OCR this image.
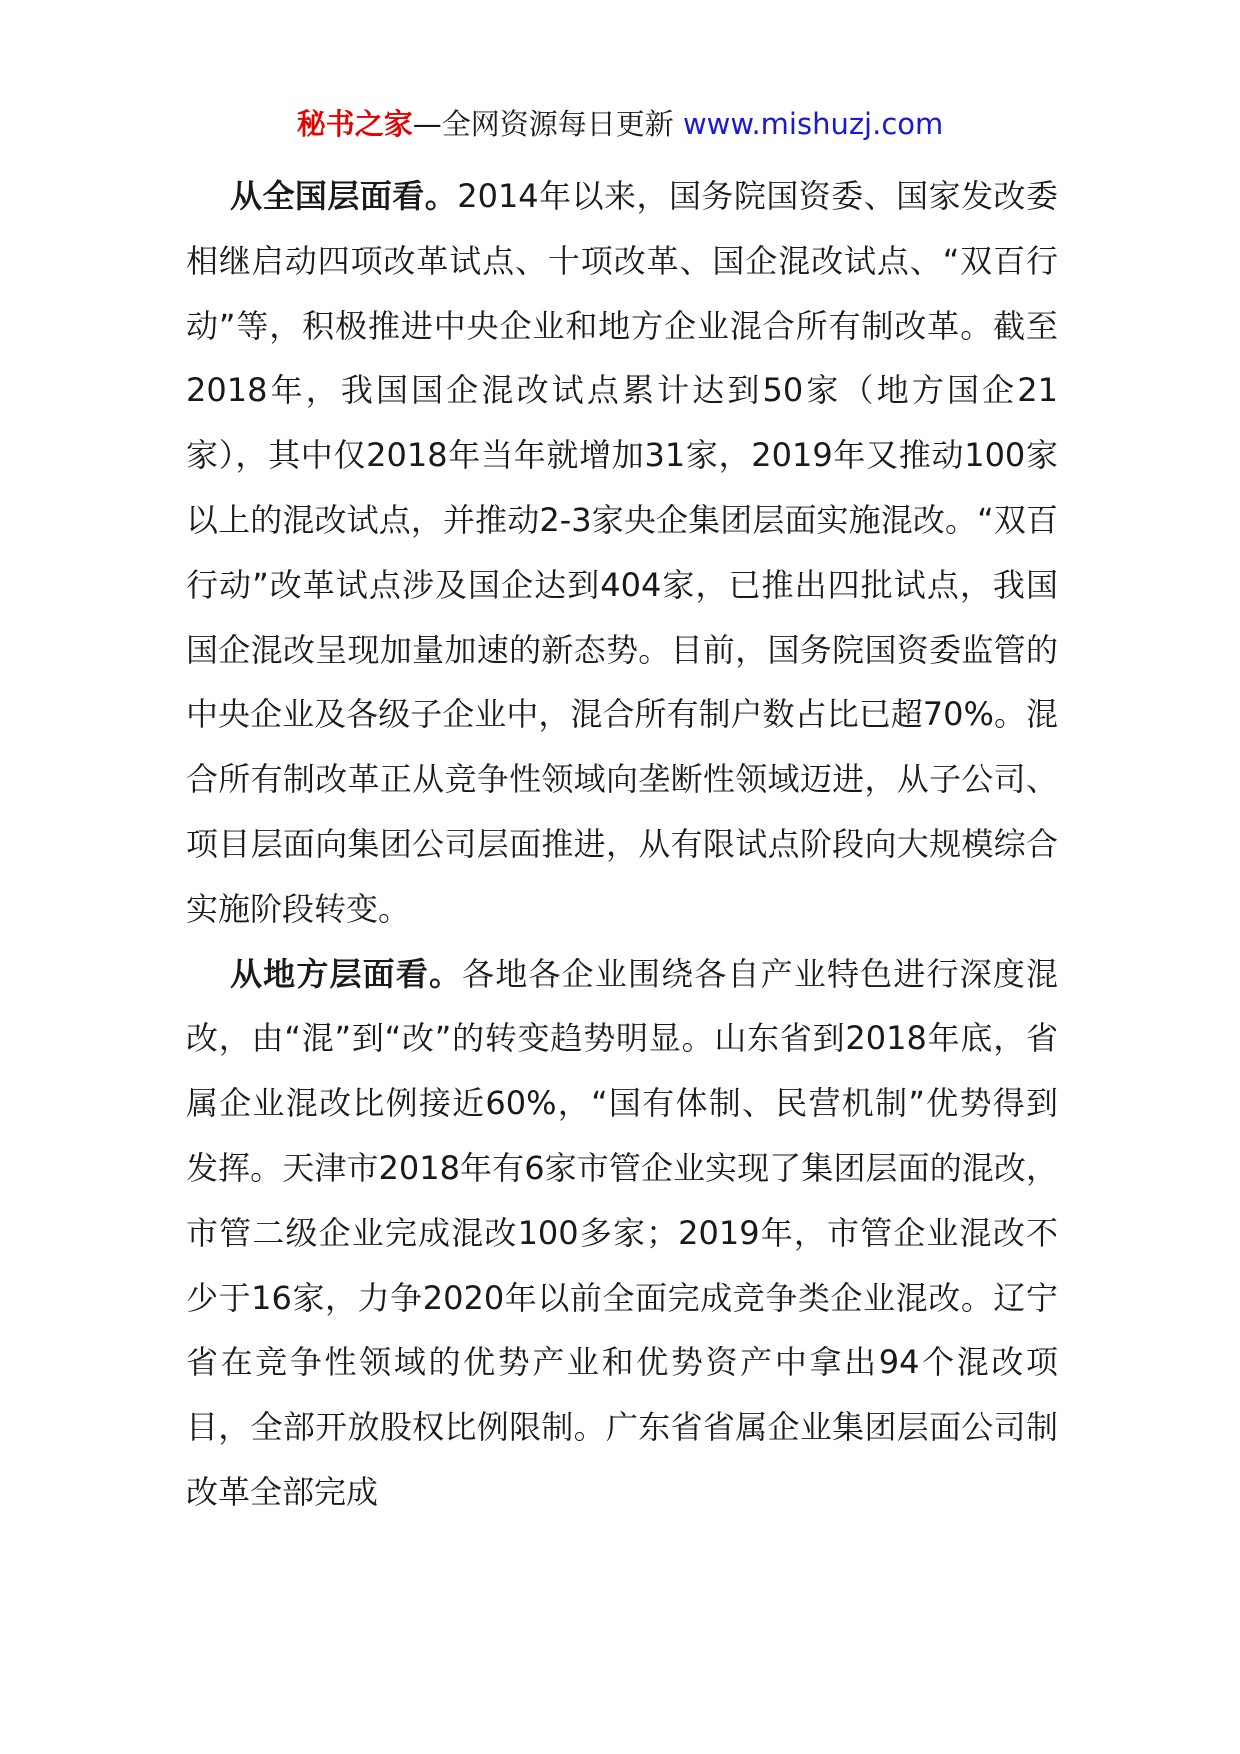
秘书之家—全网资源每日更新 www.mishuzj.com

从全国层面看。2014年以来，国务院国资委、国家发改委相继启动四项改革试点、十项改革、国企混改试点、“双百行动”等，积极推进中央企业和地方企业混合所有制改革。截至2018年，我国国企混改试点累计达到50家（地方国企21家），其中仅2018年当年就增加31家，2019年又推动100家以上的混改试点，并推动2-3家央企集团层面实施混改。“双百行动”改革试点涉及国企达到404家，已推出四批试点，我国国企混改呈现加量加速的新态势。目前，国务院国资委监管的中央企业及各级子企业中，混合所有制户数占比已超70%。混合所有制改革正从竞争性领域向垄断性领域迈进，从子公司、项目层面向集团公司层面推进，从有限试点阶段向大规模综合实施阶段转变。

从地方层面看。各地各企业围绕各自产业特色进行深度混改，由“混”到“改”的转变趋势明显。山东省到2018年底，省属企业混改比例接近60%，“国有体制、民营机制”优势得到发挥。天津市2018年有6家市管企业实现了集团层面的混改，市管二级企业完成混改100多家；2019年，市管企业混改不少于16家，力争2020年以前全面完成竞争类企业混改。辽宁省在竞争性领域的优势产业和优势资产中拿出94个混改项目，全部开放股权比例限制。广东省省属企业集团层面公司制改革全部完成
